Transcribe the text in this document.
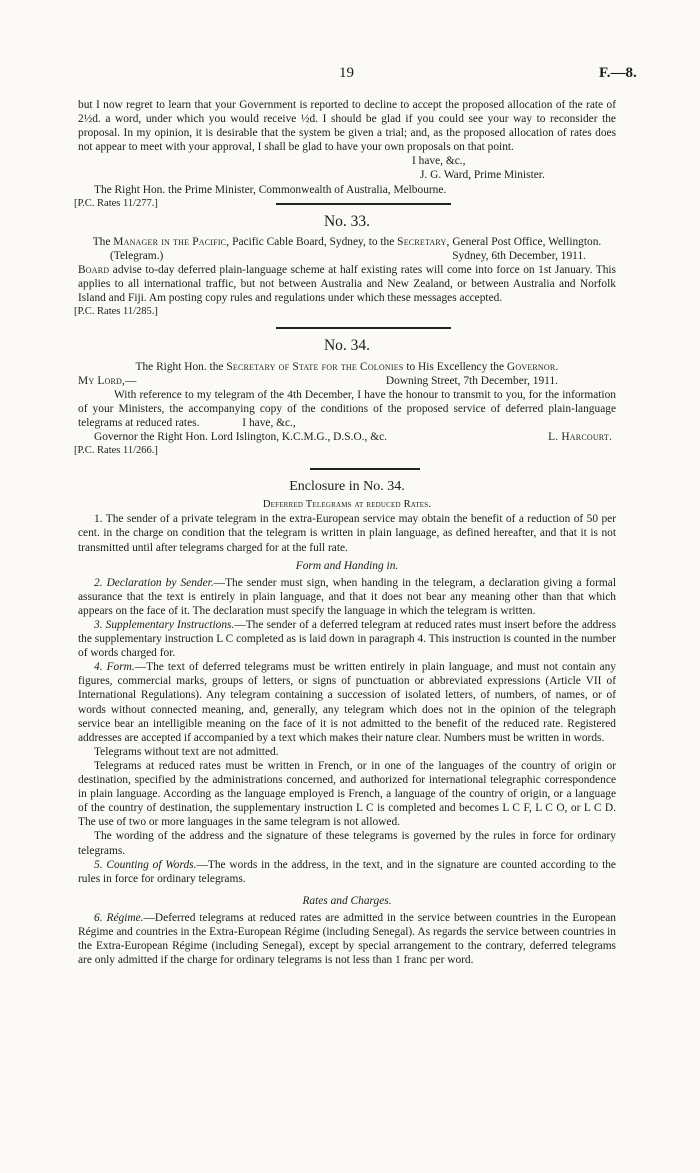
19	F.—8.

but I now regret to learn that your Government is reported to decline to accept the proposed allocation of the rate of 2½d. a word, under which you would receive ½d. I should be glad if you could see your way to reconsider the proposal. In my opinion, it is desirable that the system be given a trial; and, as the proposed allocation of rates does not appear to meet with your approval, I shall be glad to have your own proposals on that point.

I have, &c.,

J. G. Ward, Prime Minister.

The Right Hon. the Prime Minister, Commonwealth of Australia, Melbourne.

[P.C. Rates 11/277.]

No. 33.

The Manager in the Pacific, Pacific Cable Board, Sydney, to the Secretary, General Post Office, Wellington.

(Telegram.)	Sydney, 6th December, 1911.

Board advise to-day deferred plain-language scheme at half existing rates will come into force on 1st January. This applies to all international traffic, but not between Australia and New Zealand, or between Australia and Norfolk Island and Fiji. Am posting copy rules and regulations under which these messages accepted.

[P.C. Rates 11/285.]

No. 34.

The Right Hon. the Secretary of State for the Colonies to His Excellency the Governor.

My Lord,—	Downing Street, 7th December, 1911.

With reference to my telegram of the 4th December, I have the honour to transmit to you, for the information of your Ministers, the accompanying copy of the conditions of the proposed service of deferred plain-language telegrams at reduced rates.	I have, &c.,

Governor the Right Hon. Lord Islington, K.C.M.G., D.S.O., &c.	L. Harcourt.

[P.C. Rates 11/266.]

Enclosure in No. 34.

Deferred Telegrams at reduced Rates.

1. The sender of a private telegram in the extra-European service may obtain the benefit of a reduction of 50 per cent. in the charge on condition that the telegram is written in plain language, as defined hereafter, and that it is not transmitted until after telegrams charged for at the full rate.

Form and Handing in.

2. Declaration by Sender.—The sender must sign, when handing in the telegram, a declaration giving a formal assurance that the text is entirely in plain language, and that it does not bear any meaning other than that which appears on the face of it. The declaration must specify the language in which the telegram is written.

3. Supplementary Instructions.—The sender of a deferred telegram at reduced rates must insert before the address the supplementary instruction L C completed as is laid down in paragraph 4. This instruction is counted in the number of words charged for.

4. Form.—The text of deferred telegrams must be written entirely in plain language, and must not contain any figures, commercial marks, groups of letters, or signs of punctuation or abbreviated expressions (Article VII of International Regulations). Any telegram containing a succession of isolated letters, of numbers, of names, or of words without connected meaning, and, generally, any telegram which does not in the opinion of the telegraph service bear an intelligible meaning on the face of it is not admitted to the benefit of the reduced rate. Registered addresses are accepted if accompanied by a text which makes their nature clear. Numbers must be written in words.

Telegrams without text are not admitted.

Telegrams at reduced rates must be written in French, or in one of the languages of the country of origin or destination, specified by the administrations concerned, and authorized for international telegraphic correspondence in plain language. According as the language employed is French, a language of the country of origin, or a language of the country of destination, the supplementary instruction L C is completed and becomes L C F, L C O, or L C D. The use of two or more languages in the same telegram is not allowed.

The wording of the address and the signature of these telegrams is governed by the rules in force for ordinary telegrams.

5. Counting of Words.—The words in the address, in the text, and in the signature are counted according to the rules in force for ordinary telegrams.

Rates and Charges.

6. Régime.—Deferred telegrams at reduced rates are admitted in the service between countries in the European Régime and countries in the Extra-European Régime (including Senegal). As regards the service between countries in the Extra-European Régime (including Senegal), except by special arrangement to the contrary, deferred telegrams are only admitted if the charge for ordinary telegrams is not less than 1 franc per word.
